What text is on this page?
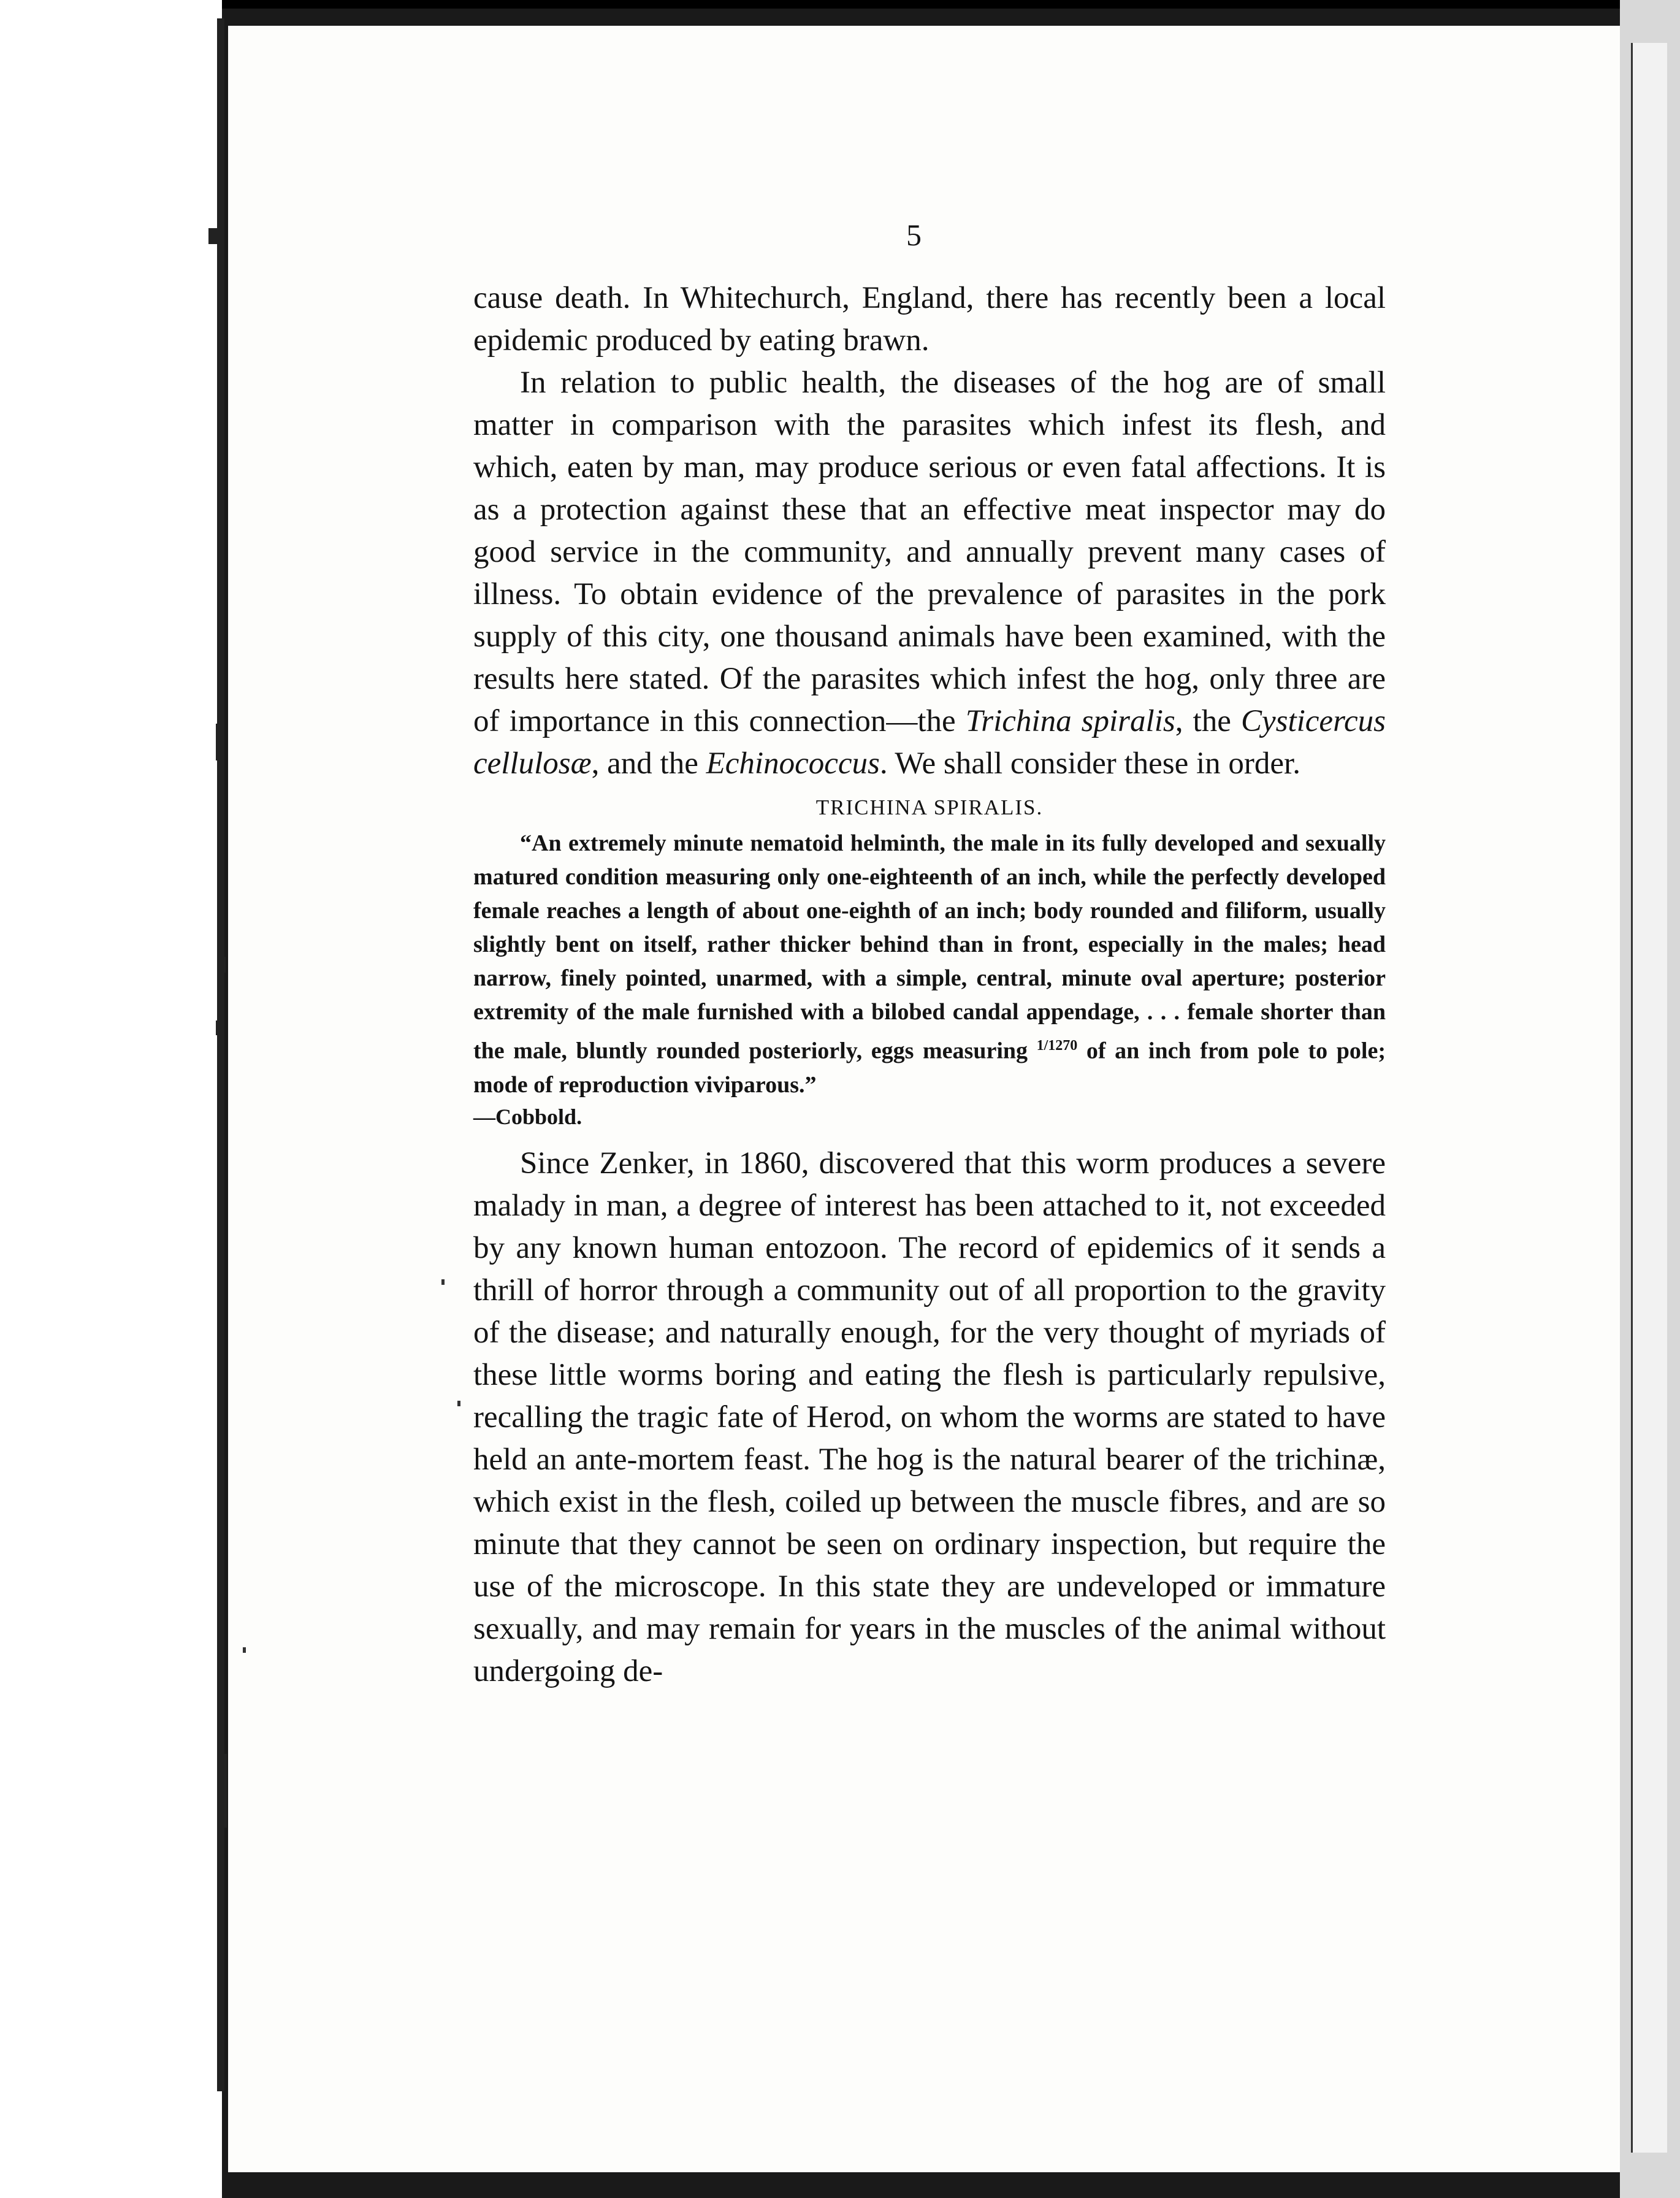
5

cause death. In Whitechurch, England, there has recently been a local epidemic produced by eating brawn.

In relation to public health, the diseases of the hog are of small matter in comparison with the parasites which infest its flesh, and which, eaten by man, may produce serious or even fatal affections. It is as a protection against these that an effective meat inspector may do good service in the community, and annually prevent many cases of illness. To obtain evidence of the prevalence of parasites in the pork supply of this city, one thousand animals have been examined, with the results here stated. Of the parasites which infest the hog, only three are of importance in this connection—the Trichina spiralis, the Cysticercus cellulosæ, and the Echinococcus. We shall consider these in order.

TRICHINA SPIRALIS.

“An extremely minute nematoid helminth, the male in its fully developed and sexually matured condition measuring only one-eighteenth of an inch, while the perfectly developed female reaches a length of about one-eighth of an inch; body rounded and filiform, usually slightly bent on itself, rather thicker behind than in front, especially in the males; head narrow, finely pointed, unarmed, with a simple, central, minute oval aperture; posterior extremity of the male furnished with a bilobed candal appendage, . . . female shorter than the male, bluntly rounded posteriorly, eggs measuring $^{1/1270}$ of an inch from pole to pole; mode of reproduction viviparous.”

—Cobbold.

Since Zenker, in 1860, discovered that this worm produces a severe malady in man, a degree of interest has been attached to it, not exceeded by any known human entozoon. The record of epidemics of it sends a thrill of horror through a community out of all proportion to the gravity of the disease; and naturally enough, for the very thought of myriads of these little worms boring and eating the flesh is particularly repulsive, recalling the tragic fate of Herod, on whom the worms are stated to have held an ante-mortem feast. The hog is the natural bearer of the trichinæ, which exist in the flesh, coiled up between the muscle fibres, and are so minute that they cannot be seen on ordinary inspection, but require the use of the microscope. In this state they are undeveloped or immature sexually, and may remain for years in the muscles of the animal without undergoing de-
